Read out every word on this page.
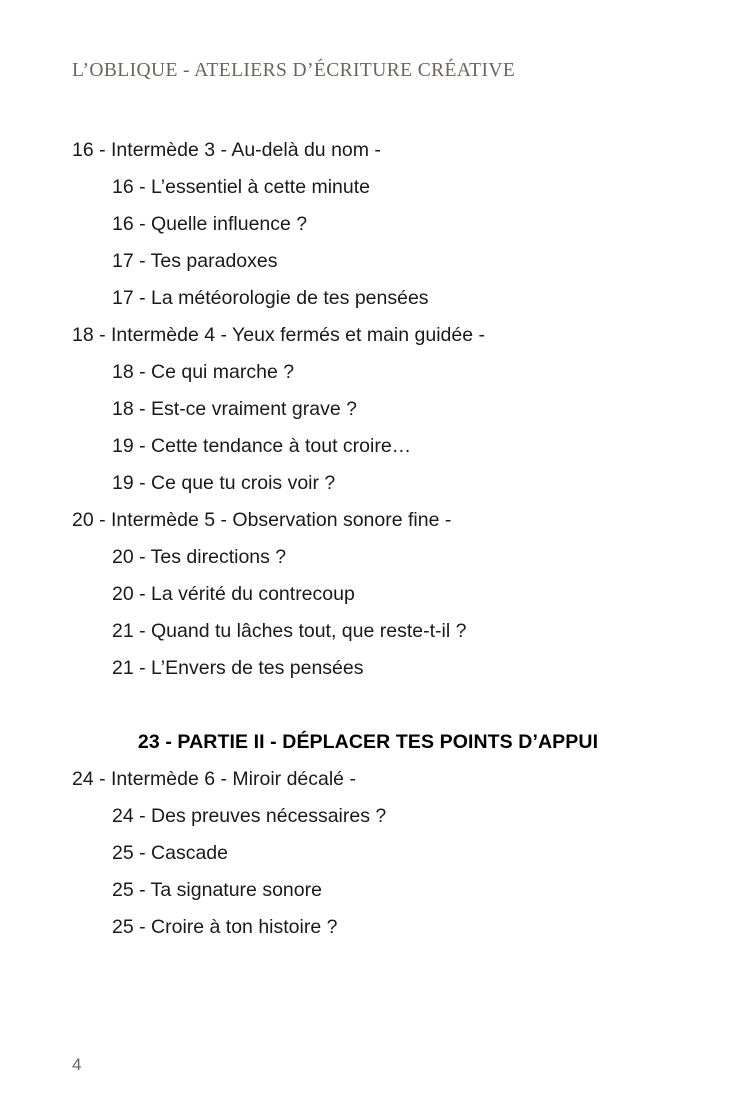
L’OBLIQUE - ATELIERS D’ÉCRITURE CRÉATIVE
16 - Intermède 3 - Au-delà du nom -
16 - L’essentiel à cette minute
16 - Quelle influence ?
17 - Tes paradoxes
17 - La météorologie de tes pensées
18 - Intermède 4 - Yeux fermés et main guidée -
18 - Ce qui marche ?
18 - Est-ce vraiment grave ?
19 - Cette tendance à tout croire…
19 - Ce que tu crois voir ?
20 - Intermède 5 - Observation sonore fine -
20 - Tes directions ?
20 - La vérité du contrecoup
21 - Quand tu lâches tout, que reste-t-il ?
21 - L’Envers de tes pensées
23 - PARTIE II - DÉPLACER TES POINTS D’APPUI
24 - Intermède 6 - Miroir décalé -
24 - Des preuves nécessaires ?
25 - Cascade
25 - Ta signature sonore
25 - Croire à ton histoire ?
4
